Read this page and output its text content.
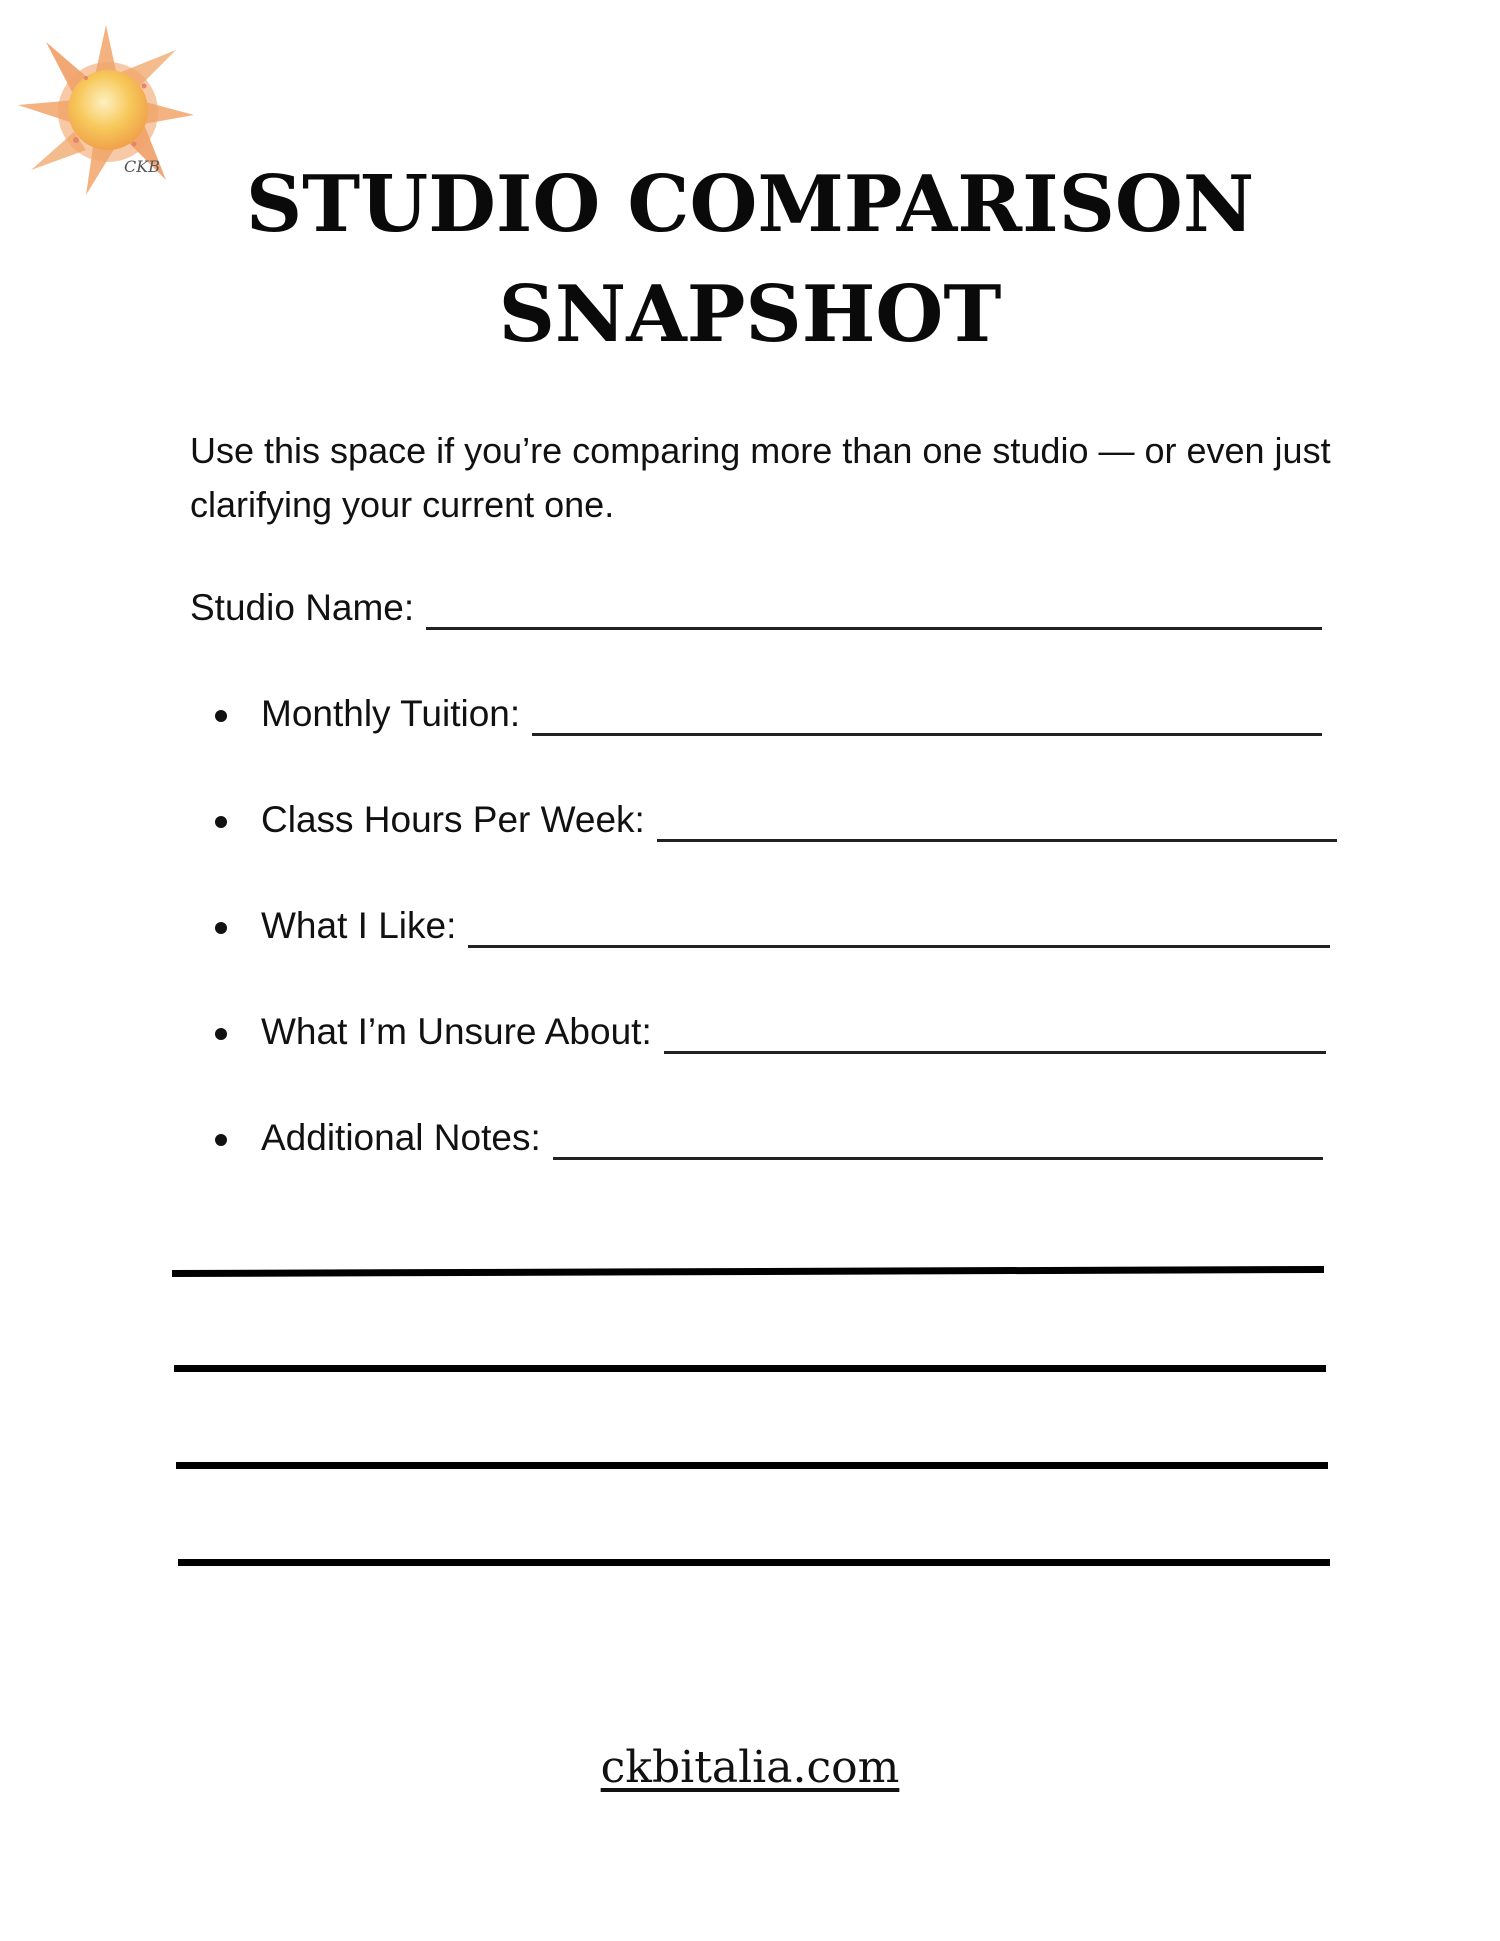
CKB	STUDIO COMPARISON
SNAPSHOT

Use this space if you’re comparing more than one studio — or even just clarifying your current one.

Studio Name:
Monthly Tuition:
Class Hours Per Week:
What I Like:
What I’m Unsure About:
Additional Notes:
ckbitalia.com
